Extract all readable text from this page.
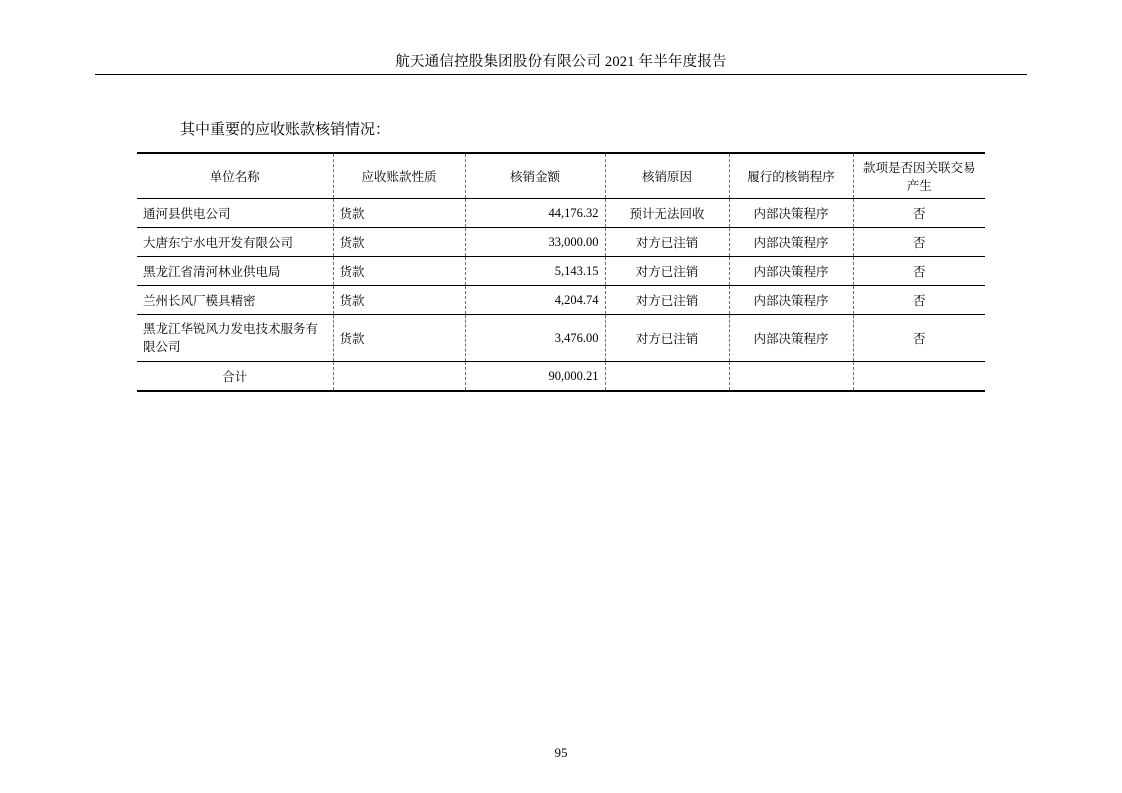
航天通信控股集团股份有限公司 2021 年半年度报告
其中重要的应收账款核销情况：
单位名称	应收账款性质	核销金额	核销原因	履行的核销程序	款项是否因关联交易产生
通河县供电公司	货款	44,176.32	预计无法回收	内部决策程序	否
大唐东宁水电开发有限公司	货款	33,000.00	对方已注销	内部决策程序	否
黑龙江省清河林业供电局	货款	5,143.15	对方已注销	内部决策程序	否
兰州长风厂模具精密	货款	4,204.74	对方已注销	内部决策程序	否

黑龙江华锐风力发电技术服务有限公司	货款	3,476.00	对方已注销	内部决策程序	否
合计		90,000.21			
95
